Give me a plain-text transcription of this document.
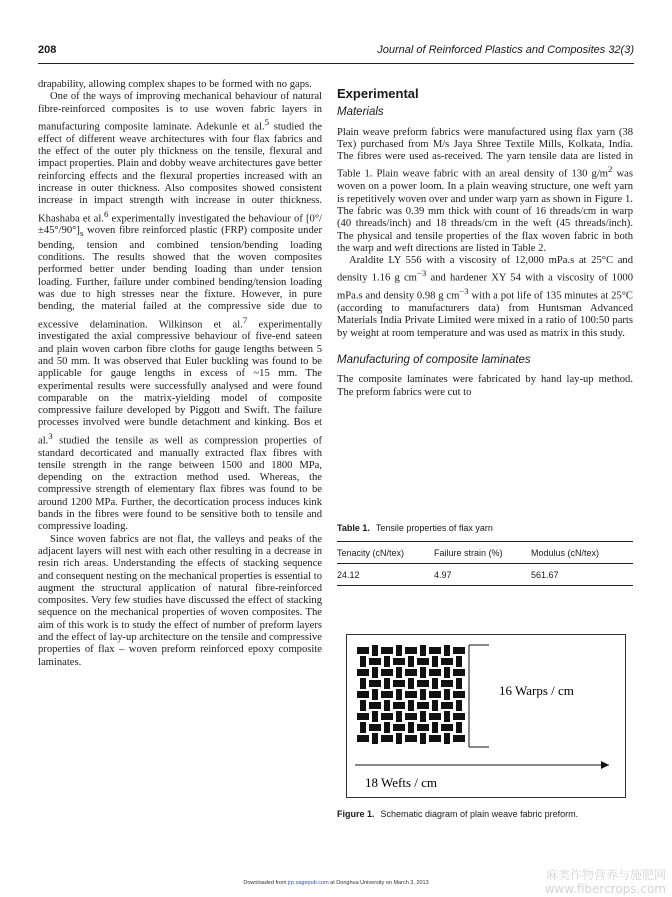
208	Journal of Reinforced Plastics and Composites 32(3)

drapability, allowing complex shapes to be formed with no gaps.

One of the ways of improving mechanical behaviour of natural fibre-reinforced composites is to use woven fabric layers in manufacturing composite laminate. Adekunle et al.$^5$ studied the effect of different weave architectures with four flax fabrics and the effect of the outer ply thickness on the tensile, flexural and impact properties. Plain and dobby weave architectures gave better reinforcing effects and the flexural properties increased with an increase in outer thickness. Also composites showed consistent increase in impact strength with increase in outer thickness. Khashaba et al.$^6$ experimentally investigated the behaviour of $[0^\circ/\pm 45^\circ/90^\circ]_s$ woven fibre reinforced plastic (FRP) composite under bending, tension and combined tension/bending loading conditions. The results showed that the woven composites performed better under bending loading than under tension loading. Further, failure under combined bending/tension loading was due to high stresses near the fixture. However, in pure bending, the material failed at the compressive side due to excessive delamination. Wilkinson et al.$^7$ experimentally investigated the axial compressive behaviour of five-end sateen and plain woven carbon fibre cloths for gauge lengths between 5 and 50 mm. It was observed that Euler buckling was found to be applicable for gauge lengths in excess of ~15 mm. The experimental results were successfully analysed and were found comparable on the matrix-yielding model of composite compressive failure developed by Piggott and Swift. The failure processes involved were bundle detachment and kinking. Bos et al.$^3$ studied the tensile as well as compression properties of standard decorticated and manually extracted flax fibres with tensile strength in the range between 1500 and 1800 MPa, depending on the extraction method used. Whereas, the compressive strength of elementary flax fibres was found to be around 1200 MPa. Further, the decortication process induces kink bands in the fibres were found to be sensitive both to tensile and compressive loading.

Since woven fabrics are not flat, the valleys and peaks of the adjacent layers will nest with each other resulting in a decrease in resin rich areas. Understanding the effects of stacking sequence and consequent nesting on the mechanical properties is essential to augment the structural application of natural fibre-reinforced composites. Very few studies have discussed the effect of stacking sequence on the mechanical properties of woven composites. The aim of this work is to study the effect of number of preform layers and the effect of lay-up architecture on the tensile and compressive properties of flax – woven preform reinforced epoxy composite laminates.

Experimental
Materials

Plain weave preform fabrics were manufactured using flax yarn (38 Tex) purchased from M/s Jaya Shree Textile Mills, Kolkata, India. The fibres were used as-received. The yarn tensile data are listed in Table 1. Plain weave fabric with an areal density of 130 $g/m^2$ was woven on a power loom. In a plain weaving structure, one weft yarn is repetitively woven over and under warp yarn as shown in Figure 1. The fabric was 0.39 mm thick with count of 16 threads/cm in warp (40 threads/inch) and 18 threads/cm in the weft (45 threads/inch). The physical and tensile properties of the flax woven fabric in both the warp and weft directions are listed in Table 2.

Araldite LY 556 with a viscosity of 12,000 mPa.s at 25°C and density 1.16 g $cm^{-3}$ and hardener XY 54 with a viscosity of 1000 mPa.s and density 0.98 g $cm^{-3}$ with a pot life of 135 minutes at 25°C (according to manufacturers data) from Huntsman Advanced Materials India Private Limited were mixed in a ratio of 100:50 parts by weight at room temperature and was used as matrix in this study.

Manufacturing of composite laminates

The composite laminates were fabricated by hand lay-up method. The preform fabrics were cut to

Table 1. Tensile properties of flax yarn
Tenacity (cN/tex)	Failure strain (%)	Modulus (cN/tex)
24.12	4.97	561.67
16 Warps / cm
18 Wefts / cm
Figure 1. Schematic diagram of plain weave fabric preform.
Downloaded from jrp.sagepub.com at Donghua University on March 3, 2013
麻类作物营养与施肥网
www.fibercrops.com
